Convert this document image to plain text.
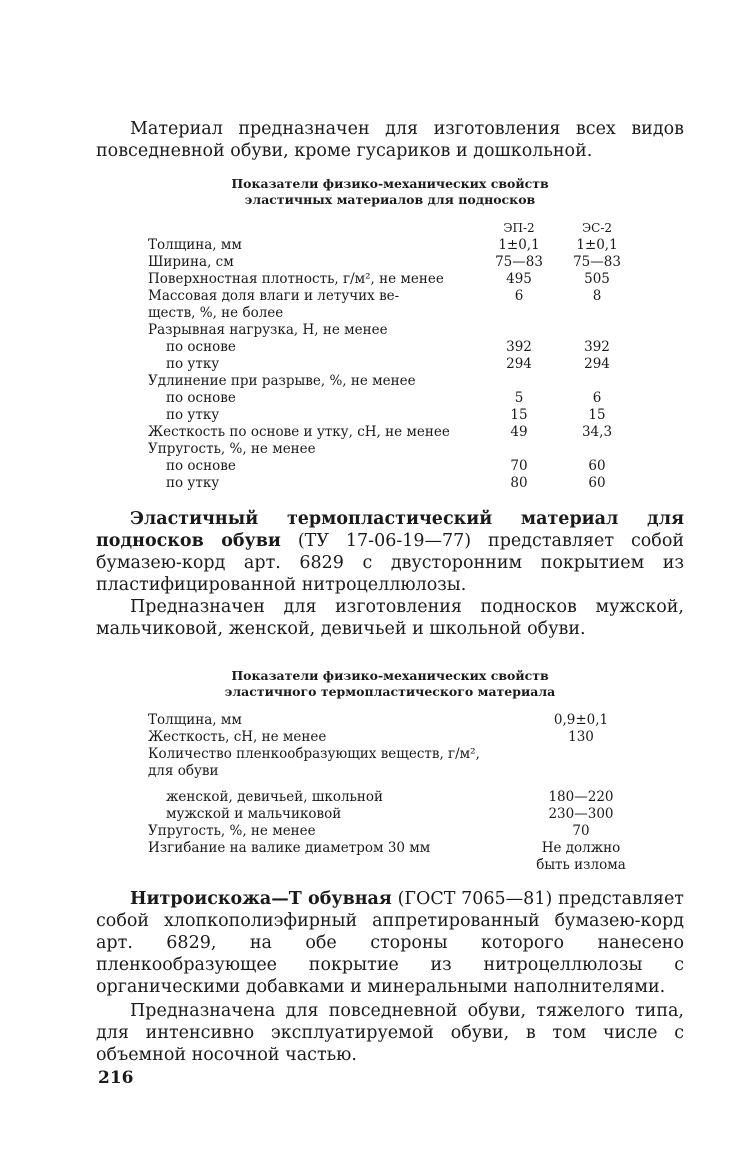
Материал предназначен для изготовления всех видов повседневной обуви, кроме гусариков и дошкольной.

Показатели физико-механических свойств
эластичных материалов для подносков
ЭП-2	ЭС-2
Толщина, мм	1±0,1	1±0,1
Ширина, см	75—83	75—83
Поверхностная плотность, г/м², не менее	495	505
Массовая доля влаги и летучих ве-	6	8
ществ, %, не более
Разрывная нагрузка, Н, не менее
по основе	392	392
по утку	294	294
Удлинение при разрыве, %, не менее
по основе	5	6
по утку	15	15
Жесткость по основе и утку, сН, не менее	49	34,3
Упругость, %, не менее
по основе	70	60
по утку	80	60

Эластичный термопластический материал для подносков обуви (ТУ 17-06-19—77) представляет собой бумазею-корд арт. 6829 с двусторонним покрытием из пластифицированной нитроцеллюлозы.

Предназначен для изготовления подносков мужской, мальчиковой, женской, девичьей и школьной обуви.

Показатели физико-механических свойств
эластичного термопластического материала
Толщина, мм	0,9±0,1
Жесткость, сН, не менее	130
Количество пленкообразующих веществ, г/м²,
для обуви
женской, девичьей, школьной	180—220
мужской и мальчиковой	230—300
Упругость, %, не менее	70
Изгибание на валике диаметром 30 мм	Не должно
быть излома

Нитроискожа—Т обувная (ГОСТ 7065—81) представляет собой хлопкополиэфирный аппретированный бумазею-корд арт. 6829, на обе стороны которого нанесено пленкообразующее покрытие из нитроцеллюлозы с органическими добавками и минеральными наполнителями.

Предназначена для повседневной обуви, тяжелого типа, для интенсивно эксплуатируемой обуви, в том числе с объемной носочной частью.

216
